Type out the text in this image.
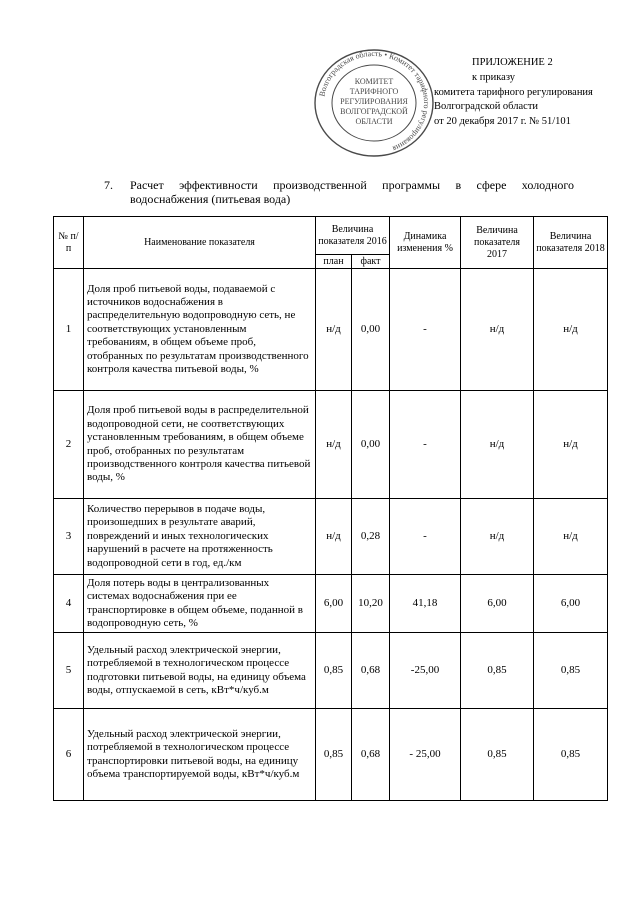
Волгоградская область • Комитет тарифного регулирования
КОМИТЕТ
ТАРИФНОГО
РЕГУЛИРОВАНИЯ
ВОЛГОГРАДСКОЙ
ОБЛАСТИ
ПРИЛОЖЕНИЕ 2
к приказу
комитета тарифного регулирования
Волгоградской области
от 20 декабря 2017 г. № 51/101
7.	Расчет эффективности производственной программы в сфере холодного
водоснабжения (питьевая вода)
№ п/п	Наименование показателя	Величина показателя 2016		Динамика изменения %	Величина показателя 2017	Величина показателя 2018
		план	факт			
1	Доля проб питьевой воды, подаваемой с источников водоснабжения в распределительную водопроводную сеть, не соответствующих установленным требованиям, в общем объеме проб, отобранных по результатам производственного контроля качества питьевой воды, %	н/д	0,00	-	н/д	н/д
2	Доля проб питьевой воды в распределительной водопроводной сети, не соответствующих установленным требованиям, в общем объеме проб, отобранных по результатам производственного контроля качества питьевой воды, %	н/д	0,00	-	н/д	н/д
3	Количество перерывов в подаче воды, произошедших в результате аварий, повреждений и иных технологических нарушений в расчете на протяженность водопроводной сети в год, ед./км	н/д	0,28	-	н/д	н/д
4	Доля потерь воды в централизованных системах водоснабжения при ее транспортировке в общем объеме, поданной в водопроводную сеть, %	6,00	10,20	41,18	6,00	6,00
5	Удельный расход электрической энергии, потребляемой в технологическом процессе подготовки питьевой воды, на единицу объема воды, отпускаемой в сеть, кВт*ч/куб.м	0,85	0,68	-25,00	0,85	0,85
6	Удельный расход электрической энергии, потребляемой в технологическом процессе транспортировки питьевой воды, на единицу объема транспортируемой воды, кВт*ч/куб.м	0,85	0,68	- 25,00	0,85	0,85
